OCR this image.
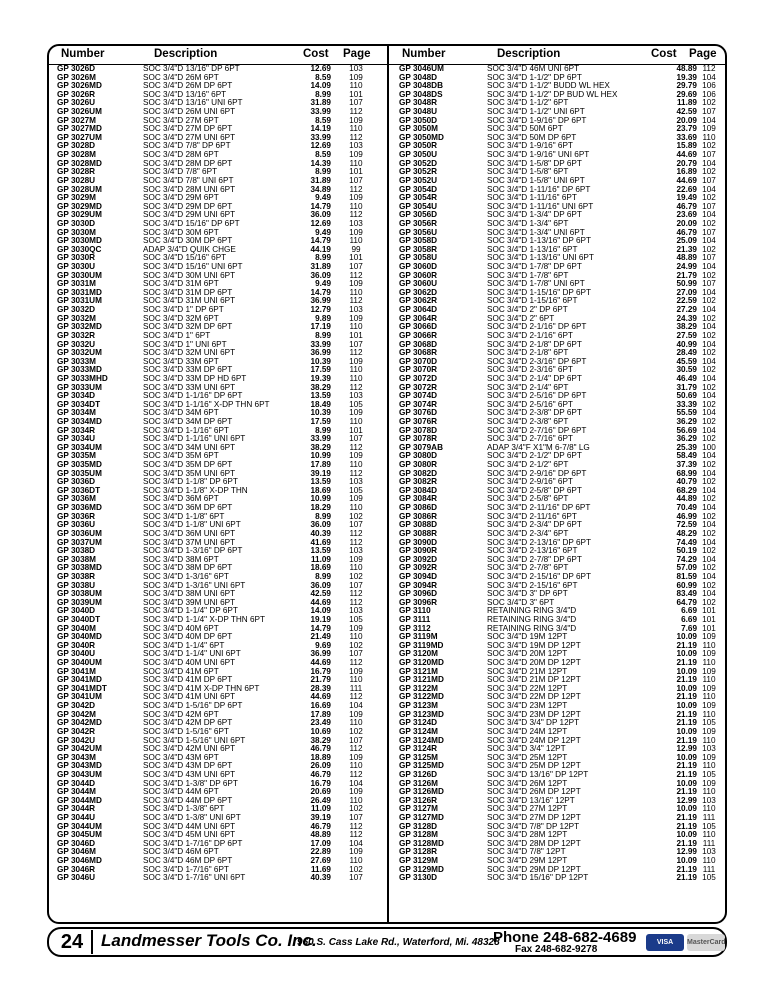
Number	Description	Cost Page
GP 3026D	SOC 3/4"D 13/16" DP 6PT	12.69	103
GP 3026M	SOC 3/4"D 26M 6PT	8.59	109
GP 3026MD	SOC 3/4"D 26M DP 6PT	14.09	110
GP 3026R	SOC 3/4"D 13/16" 6PT	8.99	101
GP 3026U	SOC 3/4"D 13/16" UNI 6PT	31.89	107
GP 3026UM	SOC 3/4"D 26M UNI 6PT	33.99	112
GP 3027M	SOC 3/4"D 27M 6PT	8.59	109
GP 3027MD	SOC 3/4"D 27M DP 6PT	14.19	110
GP 3027UM	SOC 3/4"D 27M UNI 6PT	33.99	112
GP 3028D	SOC 3/4"D 7/8" DP 6PT	12.69	103
GP 3028M	SOC 3/4"D 28M 6PT	8.59	109
GP 3028MD	SOC 3/4"D 28M DP 6PT	14.39	110
GP 3028R	SOC 3/4"D 7/8" 6PT	8.99	101
GP 3028U	SOC 3/4"D 7/8" UNI 6PT	31.89	107
GP 3028UM	SOC 3/4"D 28M UNI 6PT	34.89	112
GP 3029M	SOC 3/4"D 29M 6PT	9.49	109
GP 3029MD	SOC 3/4"D 29M DP 6PT	14.79	110
GP 3029UM	SOC 3/4"D 29M UNI 6PT	36.09	112
GP 3030D	SOC 3/4"D 15/16" DP 6PT	12.69	103
GP 3030M	SOC 3/4"D 30M 6PT	9.49	109
GP 3030MD	SOC 3/4"D 30M DP 6PT	14.79	110
GP 3030QC	ADAP 3/4"D QUIK CHGE	44.19	99
GP 3030R	SOC 3/4"D 15/16" 6PT	8.99	101
GP 3030U	SOC 3/4"D 15/16" UNI 6PT	31.89	107
GP 3030UM	SOC 3/4"D 30M UNI 6PT	36.09	112
GP 3031M	SOC 3/4"D 31M 6PT	9.49	109
GP 3031MD	SOC 3/4"D 31M DP 6PT	14.79	110
GP 3031UM	SOC 3/4"D 31M UNI 6PT	36.99	112
GP 3032D	SOC 3/4"D 1" DP 6PT	12.79	103
GP 3032M	SOC 3/4"D 32M 6PT	9.89	109
GP 3032MD	SOC 3/4"D 32M DP 6PT	17.19	110
GP 3032R	SOC 3/4"D 1" 6PT	8.99	101
GP 3032U	SOC 3/4"D 1" UNI 6PT	33.99	107
GP 3032UM	SOC 3/4"D 32M UNI 6PT	36.99	112
GP 3033M	SOC 3/4"D 33M 6PT	10.39	109
GP 3033MD	SOC 3/4"D 33M DP 6PT	17.59	110
GP 3033MHD	SOC 3/4"D 33M DP HD 6PT	19.39	110
GP 3033UM	SOC 3/4"D 33M UNI 6PT	38.29	112
GP 3034D	SOC 3/4"D 1-1/16" DP 6PT	13.59	103
GP 3034DT	SOC 3/4"D 1-1/16" X-DP THN 6PT	18.49	105
GP 3034M	SOC 3/4"D 34M 6PT	10.39	109
GP 3034MD	SOC 3/4"D 34M DP 6PT	17.59	110
GP 3034R	SOC 3/4"D 1-1/16" 6PT	8.99	101
GP 3034U	SOC 3/4"D 1-1/16" UNI 6PT	33.99	107
GP 3034UM	SOC 3/4"D 34M UNI 6PT	38.29	112
GP 3035M	SOC 3/4"D 35M 6PT	10.99	109
GP 3035MD	SOC 3/4"D 35M DP 6PT	17.89	110
GP 3035UM	SOC 3/4"D 35M UNI 6PT	39.19	112
GP 3036D	SOC 3/4"D 1-1/8" DP 6PT	13.59	103
GP 3036DT	SOC 3/4"D 1-1/8" X-DP THN	18.69	105
GP 3036M	SOC 3/4"D 36M 6PT	10.99	109
GP 3036MD	SOC 3/4"D 36M DP 6PT	18.29	110
GP 3036R	SOC 3/4"D 1-1/8" 6PT	8.99	102
GP 3036U	SOC 3/4"D 1-1/8" UNI 6PT	36.09	107
GP 3036UM	SOC 3/4"D 36M UNI 6PT	40.39	112
GP 3037UM	SOC 3/4"D 37M UNI 6PT	41.69	112
GP 3038D	SOC 3/4"D 1-3/16" DP 6PT	13.59	103
GP 3038M	SOC 3/4"D 38M 6PT	11.09	109
GP 3038MD	SOC 3/4"D 38M DP 6PT	18.69	110
GP 3038R	SOC 3/4"D 1-3/16" 6PT	8.99	102
GP 3038U	SOC 3/4"D 1-3/16" UNI 6PT	36.09	107
GP 3038UM	SOC 3/4"D 38M UNI 6PT	42.59	112
GP 3039UM	SOC 3/4"D 39M UNI 6PT	44.69	112
GP 3040D	SOC 3/4"D 1-1/4" DP 6PT	14.09	103
GP 3040DT	SOC 3/4"D 1-1/4" X-DP THN 6PT	19.19	105
GP 3040M	SOC 3/4"D 40M 6PT	14.79	109
GP 3040MD	SOC 3/4"D 40M DP 6PT	21.49	110
GP 3040R	SOC 3/4"D 1-1/4" 6PT	9.69	102
GP 3040U	SOC 3/4"D 1-1/4" UNI 6PT	36.99	107
GP 3040UM	SOC 3/4"D 40M UNI 6PT	44.69	112
GP 3041M	SOC 3/4"D 41M 6PT	16.79	109
GP 3041MD	SOC 3/4"D 41M DP 6PT	21.79	110
GP 3041MDT	SOC 3/4"D 41M X-DP THN 6PT	28.39	111
GP 3041UM	SOC 3/4"D 41M UNI 6PT	44.69	112
GP 3042D	SOC 3/4"D 1-5/16" DP 6PT	16.69	104
GP 3042M	SOC 3/4"D 42M 6PT	17.89	109
GP 3042MD	SOC 3/4"D 42M DP 6PT	23.49	110
GP 3042R	SOC 3/4"D 1-5/16" 6PT	10.69	102
GP 3042U	SOC 3/4"D 1-5/16" UNI 6PT	38.29	107
GP 3042UM	SOC 3/4"D 42M UNI 6PT	46.79	112
GP 3043M	SOC 3/4"D 43M 6PT	18.89	109
GP 3043MD	SOC 3/4"D 43M DP 6PT	26.09	110
GP 3043UM	SOC 3/4"D 43M UNI 6PT	46.79	112
GP 3044D	SOC 3/4"D 1-3/8" DP 6PT	16.79	104
GP 3044M	SOC 3/4"D 44M 6PT	20.69	109
GP 3044MD	SOC 3/4"D 44M DP 6PT	26.49	110
GP 3044R	SOC 3/4"D 1-3/8" 6PT	11.09	102
GP 3044U	SOC 3/4"D 1-3/8" UNI 6PT	39.19	107
GP 3044UM	SOC 3/4"D 44M UNI 6PT	46.79	112
GP 3045UM	SOC 3/4"D 45M UNI 6PT	48.89	112
GP 3046D	SOC 3/4"D 1-7/16" DP 6PT	17.09	104
GP 3046M	SOC 3/4"D 46M 6PT	22.89	109
GP 3046MD	SOC 3/4"D 46M DP 6PT	27.69	110
GP 3046R	SOC 3/4"D 1-7/16" 6PT	11.69	102
GP 3046U	SOC 3/4"D 1-7/16" UNI 6PT	40.39	107
Number	Description	Cost Page
GP 3046UM	SOC 3/4"D 46M UNI 6PT	48.89 112
GP 3048D	SOC 3/4"D 1-1/2" DP 6PT	19.39 104
GP 3048DB	SOC 3/4"D 1-1/2" BUDD WL HEX	29.79 106
GP 3048DS	SOC 3/4"D 1-1/2" DP BUD WL HEX	29.69 106
GP 3048R	SOC 3/4"D 1-1/2" 6PT	11.89 102
GP 3048U	SOC 3/4"D 1-1/2" UNI 6PT	42.59 107
GP 3050D	SOC 3/4"D 1-9/16" DP 6PT	20.09 104
GP 3050M	SOC 3/4"D 50M 6PT	23.79 109
GP 3050MD	SOC 3/4"D 50M DP 6PT	33.69 110
GP 3050R	SOC 3/4"D 1-9/16" 6PT	15.89 102
GP 3050U	SOC 3/4"D 1-9/16" UNI 6PT	44.69 107
GP 3052D	SOC 3/4"D 1-5/8" DP 6PT	20.79 104
GP 3052R	SOC 3/4"D 1-5/8" 6PT	16.89 102
GP 3052U	SOC 3/4"D 1-5/8" UNI 6PT	44.69 107
GP 3054D	SOC 3/4"D 1-11/16" DP 6PT	22.69 104
GP 3054R	SOC 3/4"D 1-11/16" 6PT	19.49 102
GP 3054U	SOC 3/4"D 1-11/16" UNI 6PT	46.79 107
GP 3056D	SOC 3/4"D 1-3/4" DP 6PT	23.69 104
GP 3056R	SOC 3/4"D 1-3/4" 6PT	20.09 102
GP 3056U	SOC 3/4"D 1-3/4" UNI 6PT	46.79 107
GP 3058D	SOC 3/4"D 1-13/16" DP 6PT	25.09 104
GP 3058R	SOC 3/4"D 1-13/16" 6PT	21.39 102
GP 3058U	SOC 3/4"D 1-13/16" UNI 6PT	48.89 107
GP 3060D	SOC 3/4"D 1-7/8" DP 6PT	24.99 104
GP 3060R	SOC 3/4"D 1-7/8" 6PT	21.79 102
GP 3060U	SOC 3/4"D 1-7/8" UNI 6PT	50.99 107
GP 3062D	SOC 3/4"D 1-15/16" DP 6PT	27.09 104
GP 3062R	SOC 3/4"D 1-15/16" 6PT	22.59 102
GP 3064D	SOC 3/4"D 2" DP 6PT	27.29 104
GP 3064R	SOC 3/4"D 2" 6PT	24.39 102
GP 3066D	SOC 3/4"D 2-1/16" DP 6PT	38.29 104
GP 3066R	SOC 3/4"D 2-1/16" 6PT	27.59 102
GP 3068D	SOC 3/4"D 2-1/8" DP 6PT	40.99 104
GP 3068R	SOC 3/4"D 2-1/8" 6PT	28.49 102
GP 3070D	SOC 3/4"D 2-3/16" DP 6PT	45.59 104
GP 3070R	SOC 3/4"D 2-3/16" 6PT	30.59 102
GP 3072D	SOC 3/4"D 2-1/4" DP 6PT	46.49 104
GP 3072R	SOC 3/4"D 2-1/4" 6PT	31.79 102
GP 3074D	SOC 3/4"D 2-5/16" DP 6PT	50.69 104
GP 3074R	SOC 3/4"D 2-5/16" 6PT	33.39 102
GP 3076D	SOC 3/4"D 2-3/8" DP 6PT	55.59 104
GP 3076R	SOC 3/4"D 2-3/8" 6PT	36.29 102
GP 3078D	SOC 3/4"D 2-7/16" DP 6PT	56.69 104
GP 3078R	SOC 3/4"D 2-7/16" 6PT	36.29 102
GP 3079AB	ADAP 3/4"F X1"M 6-7/8" LG	25.39 100
GP 3080D	SOC 3/4"D 2-1/2" DP 6PT	58.49 104
GP 3080R	SOC 3/4"D 2-1/2" 6PT	37.39 102
GP 3082D	SOC 3/4"D 2-9/16" DP 6PT	68.99 104
GP 3082R	SOC 3/4"D 2-9/16" 6PT	40.79 102
GP 3084D	SOC 3/4"D 2-5/8" DP 6PT	68.29 104
GP 3084R	SOC 3/4"D 2-5/8" 6PT	44.89 102
GP 3086D	SOC 3/4"D 2-11/16" DP 6PT	70.49 104
GP 3086R	SOC 3/4"D 2-11/16" 6PT	46.99 102
GP 3088D	SOC 3/4"D 2-3/4" DP 6PT	72.59 104
GP 3088R	SOC 3/4"D 2-3/4" 6PT	48.29 102
GP 3090D	SOC 3/4"D 2-13/16" DP 6PT	74.49 104
GP 3090R	SOC 3/4"D 2-13/16" 6PT	50.19 102
GP 3092D	SOC 3/4"D 2-7/8" DP 6PT	74.29 104
GP 3092R	SOC 3/4"D 2-7/8" 6PT	57.09 102
GP 3094D	SOC 3/4"D 2-15/16" DP 6PT	81.59 104
GP 3094R	SOC 3/4"D 2-15/16" 6PT	60.99 102
GP 3096D	SOC 3/4"D 3" DP 6PT	83.49 104
GP 3096R	SOC 3/4"D 3" 6PT	64.79 102
GP 3110	RETAINING RING 3/4"D	6.69 101
GP 3111	RETAINING RING 3/4"D	6.69 101
GP 3112	RETAINING RING 3/4"D	7.69 101
GP 3119M	SOC 3/4"D 19M 12PT	10.09 109
GP 3119MD	SOC 3/4"D 19M DP 12PT	21.19 110
GP 3120M	SOC 3/4"D 20M 12PT	10.09 109
GP 3120MD	SOC 3/4"D 20M DP 12PT	21.19 110
GP 3121M	SOC 3/4"D 21M 12PT	10.09 109
GP 3121MD	SOC 3/4"D 21M DP 12PT	21.19 110
GP 3122M	SOC 3/4"D 22M 12PT	10.09 109
GP 3122MD	SOC 3/4"D 22M DP 12PT	21.19 110
GP 3123M	SOC 3/4"D 23M 12PT	10.09 109
GP 3123MD	SOC 3/4"D 23M DP 12PT	21.19 110
GP 3124D	SOC 3/4"D 3/4" DP 12PT	21.19 105
GP 3124M	SOC 3/4"D 24M 12PT	10.09 109
GP 3124MD	SOC 3/4"D 24M DP 12PT	21.19 110
GP 3124R	SOC 3/4"D 3/4" 12PT	12.99 103
GP 3125M	SOC 3/4"D 25M 12PT	10.09 109
GP 3125MD	SOC 3/4"D 25M DP 12PT	21.19 110
GP 3126D	SOC 3/4"D 13/16" DP 12PT	21.19 105
GP 3126M	SOC 3/4"D 26M 12PT	10.09 109
GP 3126MD	SOC 3/4"D 26M DP 12PT	21.19 110
GP 3126R	SOC 3/4"D 13/16" 12PT	12.99 103
GP 3127M	SOC 3/4"D 27M 12PT	10.09 110
GP 3127MD	SOC 3/4"D 27M DP 12PT	21.19 111
GP 3128D	SOC 3/4"D 7/8" DP 12PT	21.19 105
GP 3128M	SOC 3/4"D 28M 12PT	10.09 110
GP 3128MD	SOC 3/4"D 28M DP 12PT	21.19 111
GP 3128R	SOC 3/4"D 7/8" 12PT	12.99 103
GP 3129M	SOC 3/4"D 29M 12PT	10.09 110
GP 3129MD	SOC 3/4"D 29M DP 12PT	21.19 111
GP 3130D	SOC 3/4"D 15/16" DP 12PT	21.19 105
24	Landmesser Tools Co. Inc.
960 S. Cass Lake Rd., Waterford, Mi. 48328
Phone 248-682-4689
Fax 248-682-9278
VISA	MasterCard
